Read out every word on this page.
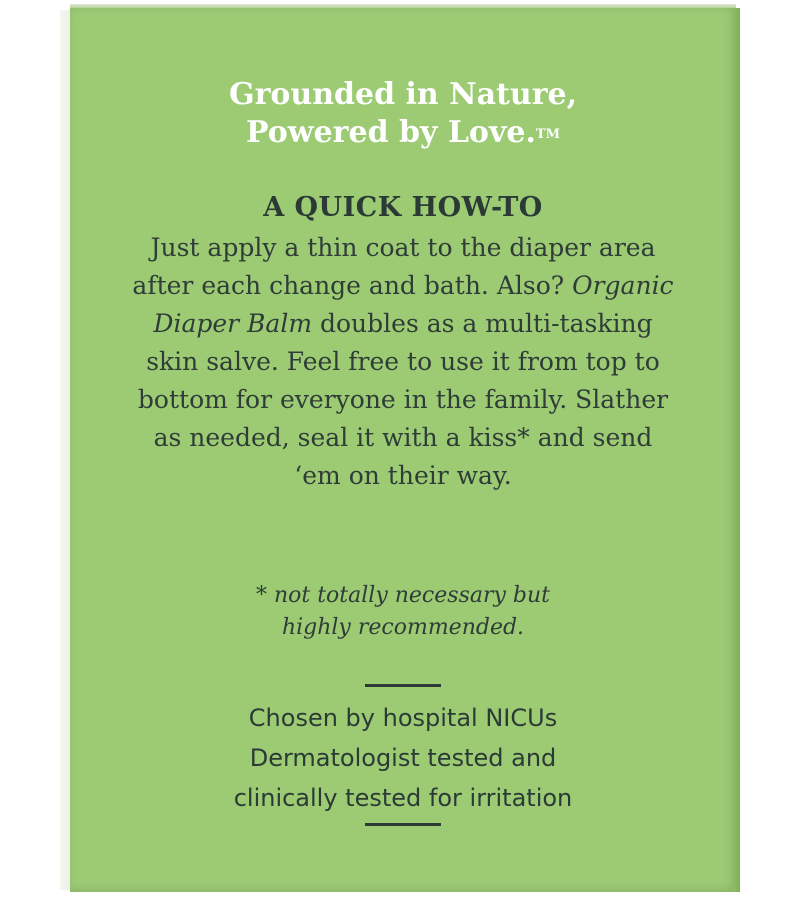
Grounded in Nature,
Powered by Love.™
A QUICK HOW-TO
Just apply a thin coat to the diaper area after each change and bath. Also? Organic Diaper Balm doubles as a multi-tasking skin salve. Feel free to use it from top to bottom for everyone in the family. Slather as needed, seal it with a kiss* and send ‘em on their way.
* not totally necessary but
highly recommended.
Chosen by hospital NICUs
Dermatologist tested and
clinically tested for irritation
